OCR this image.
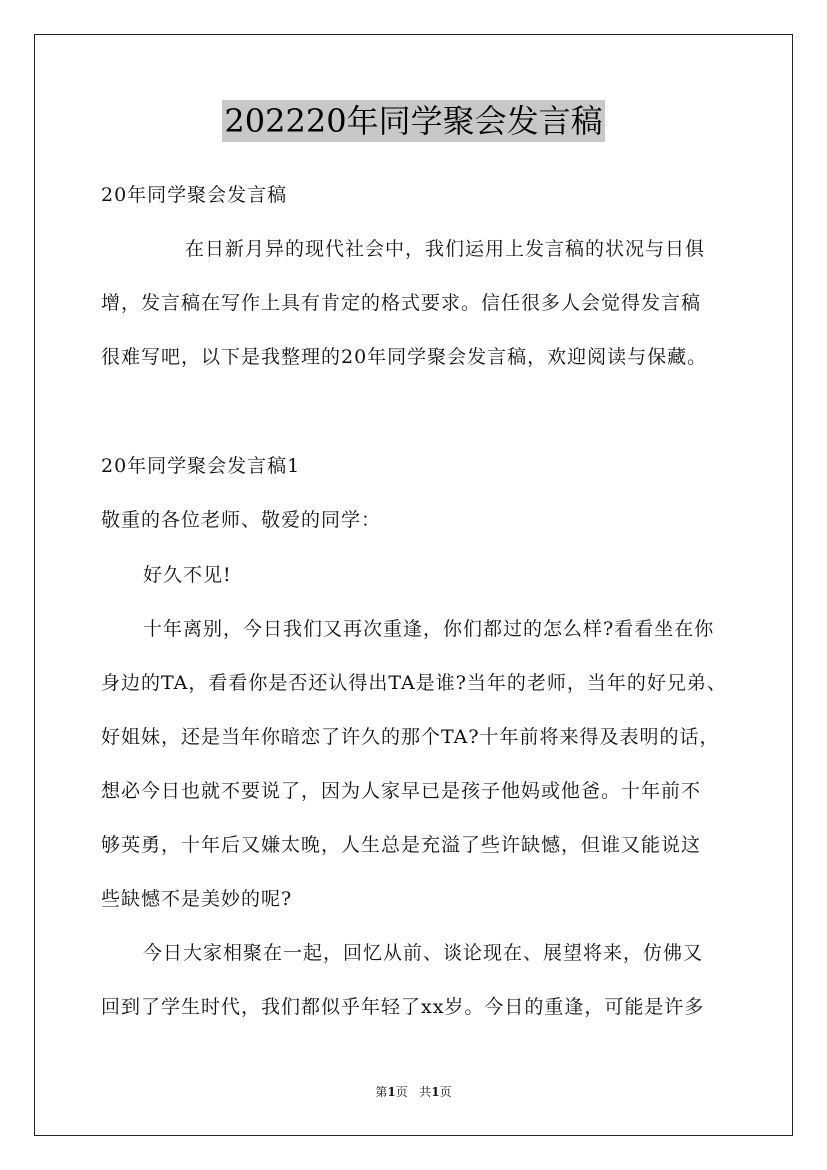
202220年同学聚会发言稿
20年同学聚会发言稿
在日新月异的现代社会中，我们运用上发言稿的状况与日俱
增，发言稿在写作上具有肯定的格式要求。信任很多人会觉得发言稿
很难写吧，以下是我整理的20年同学聚会发言稿，欢迎阅读与保藏。
20年同学聚会发言稿1
敬重的各位老师、敬爱的同学：
好久不见!
十年离别，今日我们又再次重逢，你们都过的怎么样?看看坐在你
身边的TA，看看你是否还认得出TA是谁?当年的老师，当年的好兄弟、
好姐妹，还是当年你暗恋了许久的那个TA?十年前将来得及表明的话，
想必今日也就不要说了，因为人家早已是孩子他妈或他爸。十年前不
够英勇，十年后又嫌太晚，人生总是充溢了些许缺憾，但谁又能说这
些缺憾不是美妙的呢?
今日大家相聚在一起，回忆从前、谈论现在、展望将来，仿佛又
回到了学生时代，我们都似乎年轻了xx岁。今日的重逢，可能是许多
第1页 共1页
